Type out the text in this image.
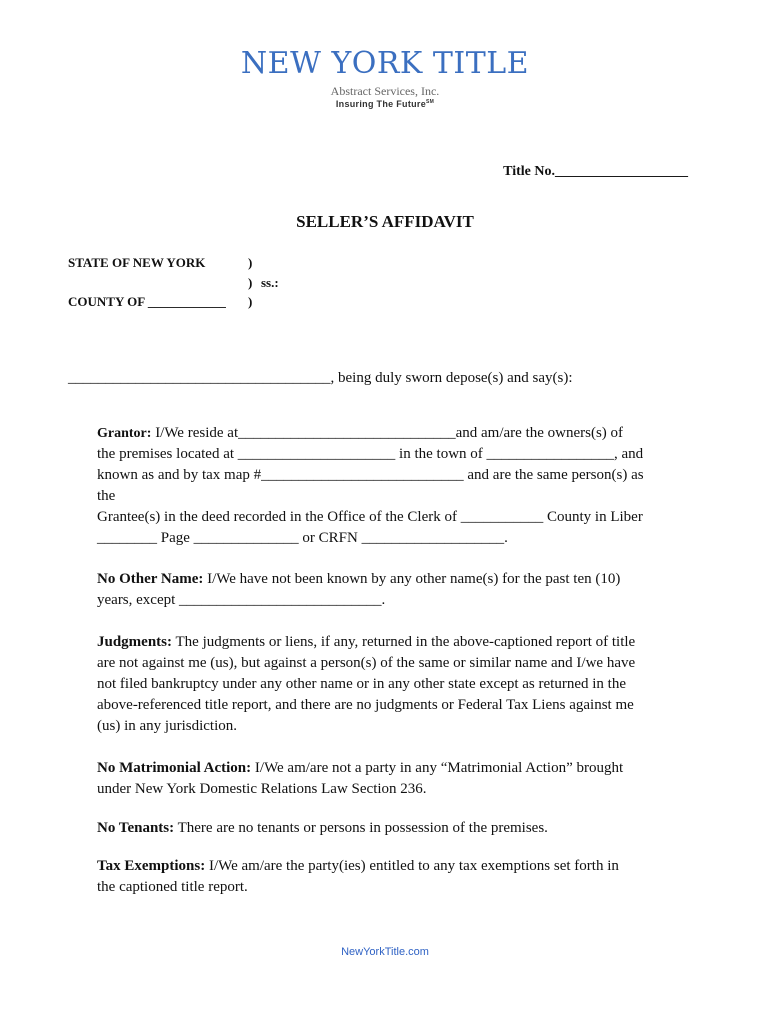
NEW YORK TITLE
Abstract Services, Inc.
Insuring The Future℠
Title No.___________________
SELLER’S AFFIDAVIT
STATE OF NEW YORK	)
) ss.:
COUNTY OF ____________ )
___________________________________, being duly sworn depose(s) and say(s):
Grantor: I/We reside at_____________________________and am/are the owners(s) of
the premises located at _____________________ in the town of _________________, and
known as and by tax map #___________________________ and are the same person(s) as
the
Grantee(s) in the deed recorded in the Office of the Clerk of ___________ County in Liber
________ Page ______________ or CRFN ___________________.
No Other Name: I/We have not been known by any other name(s) for the past ten (10)
years, except ___________________________.
Judgments: The judgments or liens, if any, returned in the above-captioned report of title
are not against me (us), but against a person(s) of the same or similar name and I/we have
not filed bankruptcy under any other name or in any other state except as returned in the
above-referenced title report, and there are no judgments or Federal Tax Liens against me
(us) in any jurisdiction.
No Matrimonial Action: I/We am/are not a party in any “Matrimonial Action” brought
under New York Domestic Relations Law Section 236.
No Tenants: There are no tenants or persons in possession of the premises.
Tax Exemptions: I/We am/are the party(ies) entitled to any tax exemptions set forth in
the captioned title report.
NewYorkTitle.com
